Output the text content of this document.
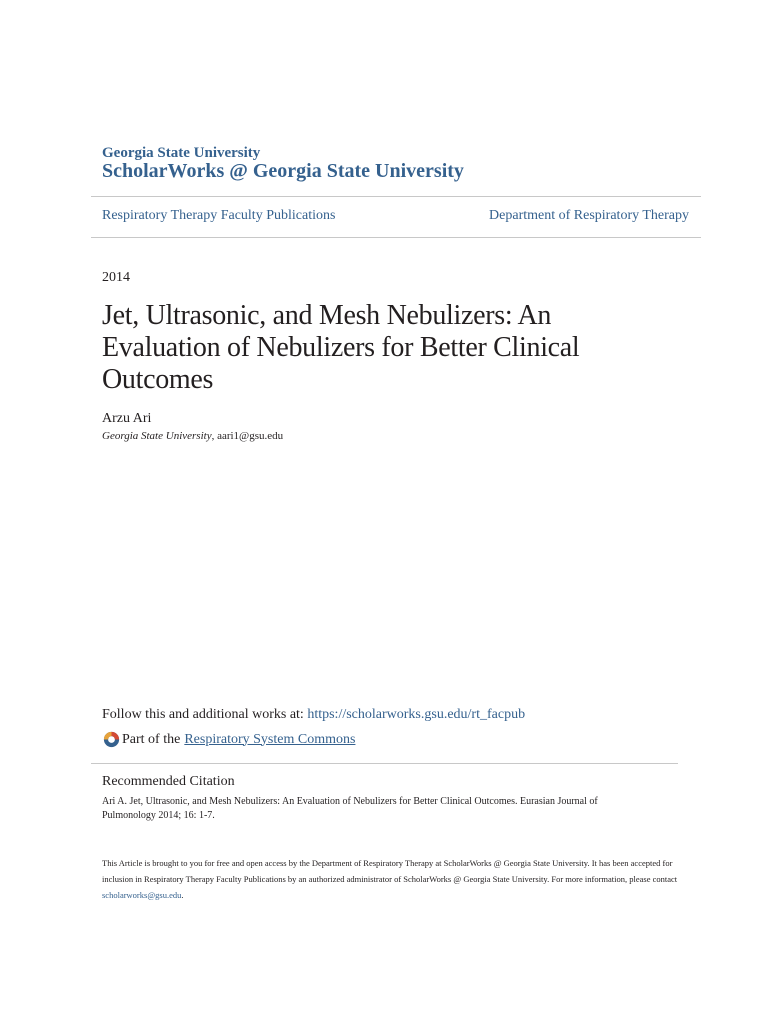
Georgia State University
ScholarWorks @ Georgia State University
Respiratory Therapy Faculty Publications	Department of Respiratory Therapy
2014
Jet, Ultrasonic, and Mesh Nebulizers: An Evaluation of Nebulizers for Better Clinical Outcomes
Arzu Ari
Georgia State University, aari1@gsu.edu
Follow this and additional works at: https://scholarworks.gsu.edu/rt_facpub
Part of the Respiratory System Commons
Recommended Citation
Ari A. Jet, Ultrasonic, and Mesh Nebulizers: An Evaluation of Nebulizers for Better Clinical Outcomes. Eurasian Journal of Pulmonology 2014; 16: 1-7.
This Article is brought to you for free and open access by the Department of Respiratory Therapy at ScholarWorks @ Georgia State University. It has been accepted for inclusion in Respiratory Therapy Faculty Publications by an authorized administrator of ScholarWorks @ Georgia State University. For more information, please contact scholarworks@gsu.edu.
